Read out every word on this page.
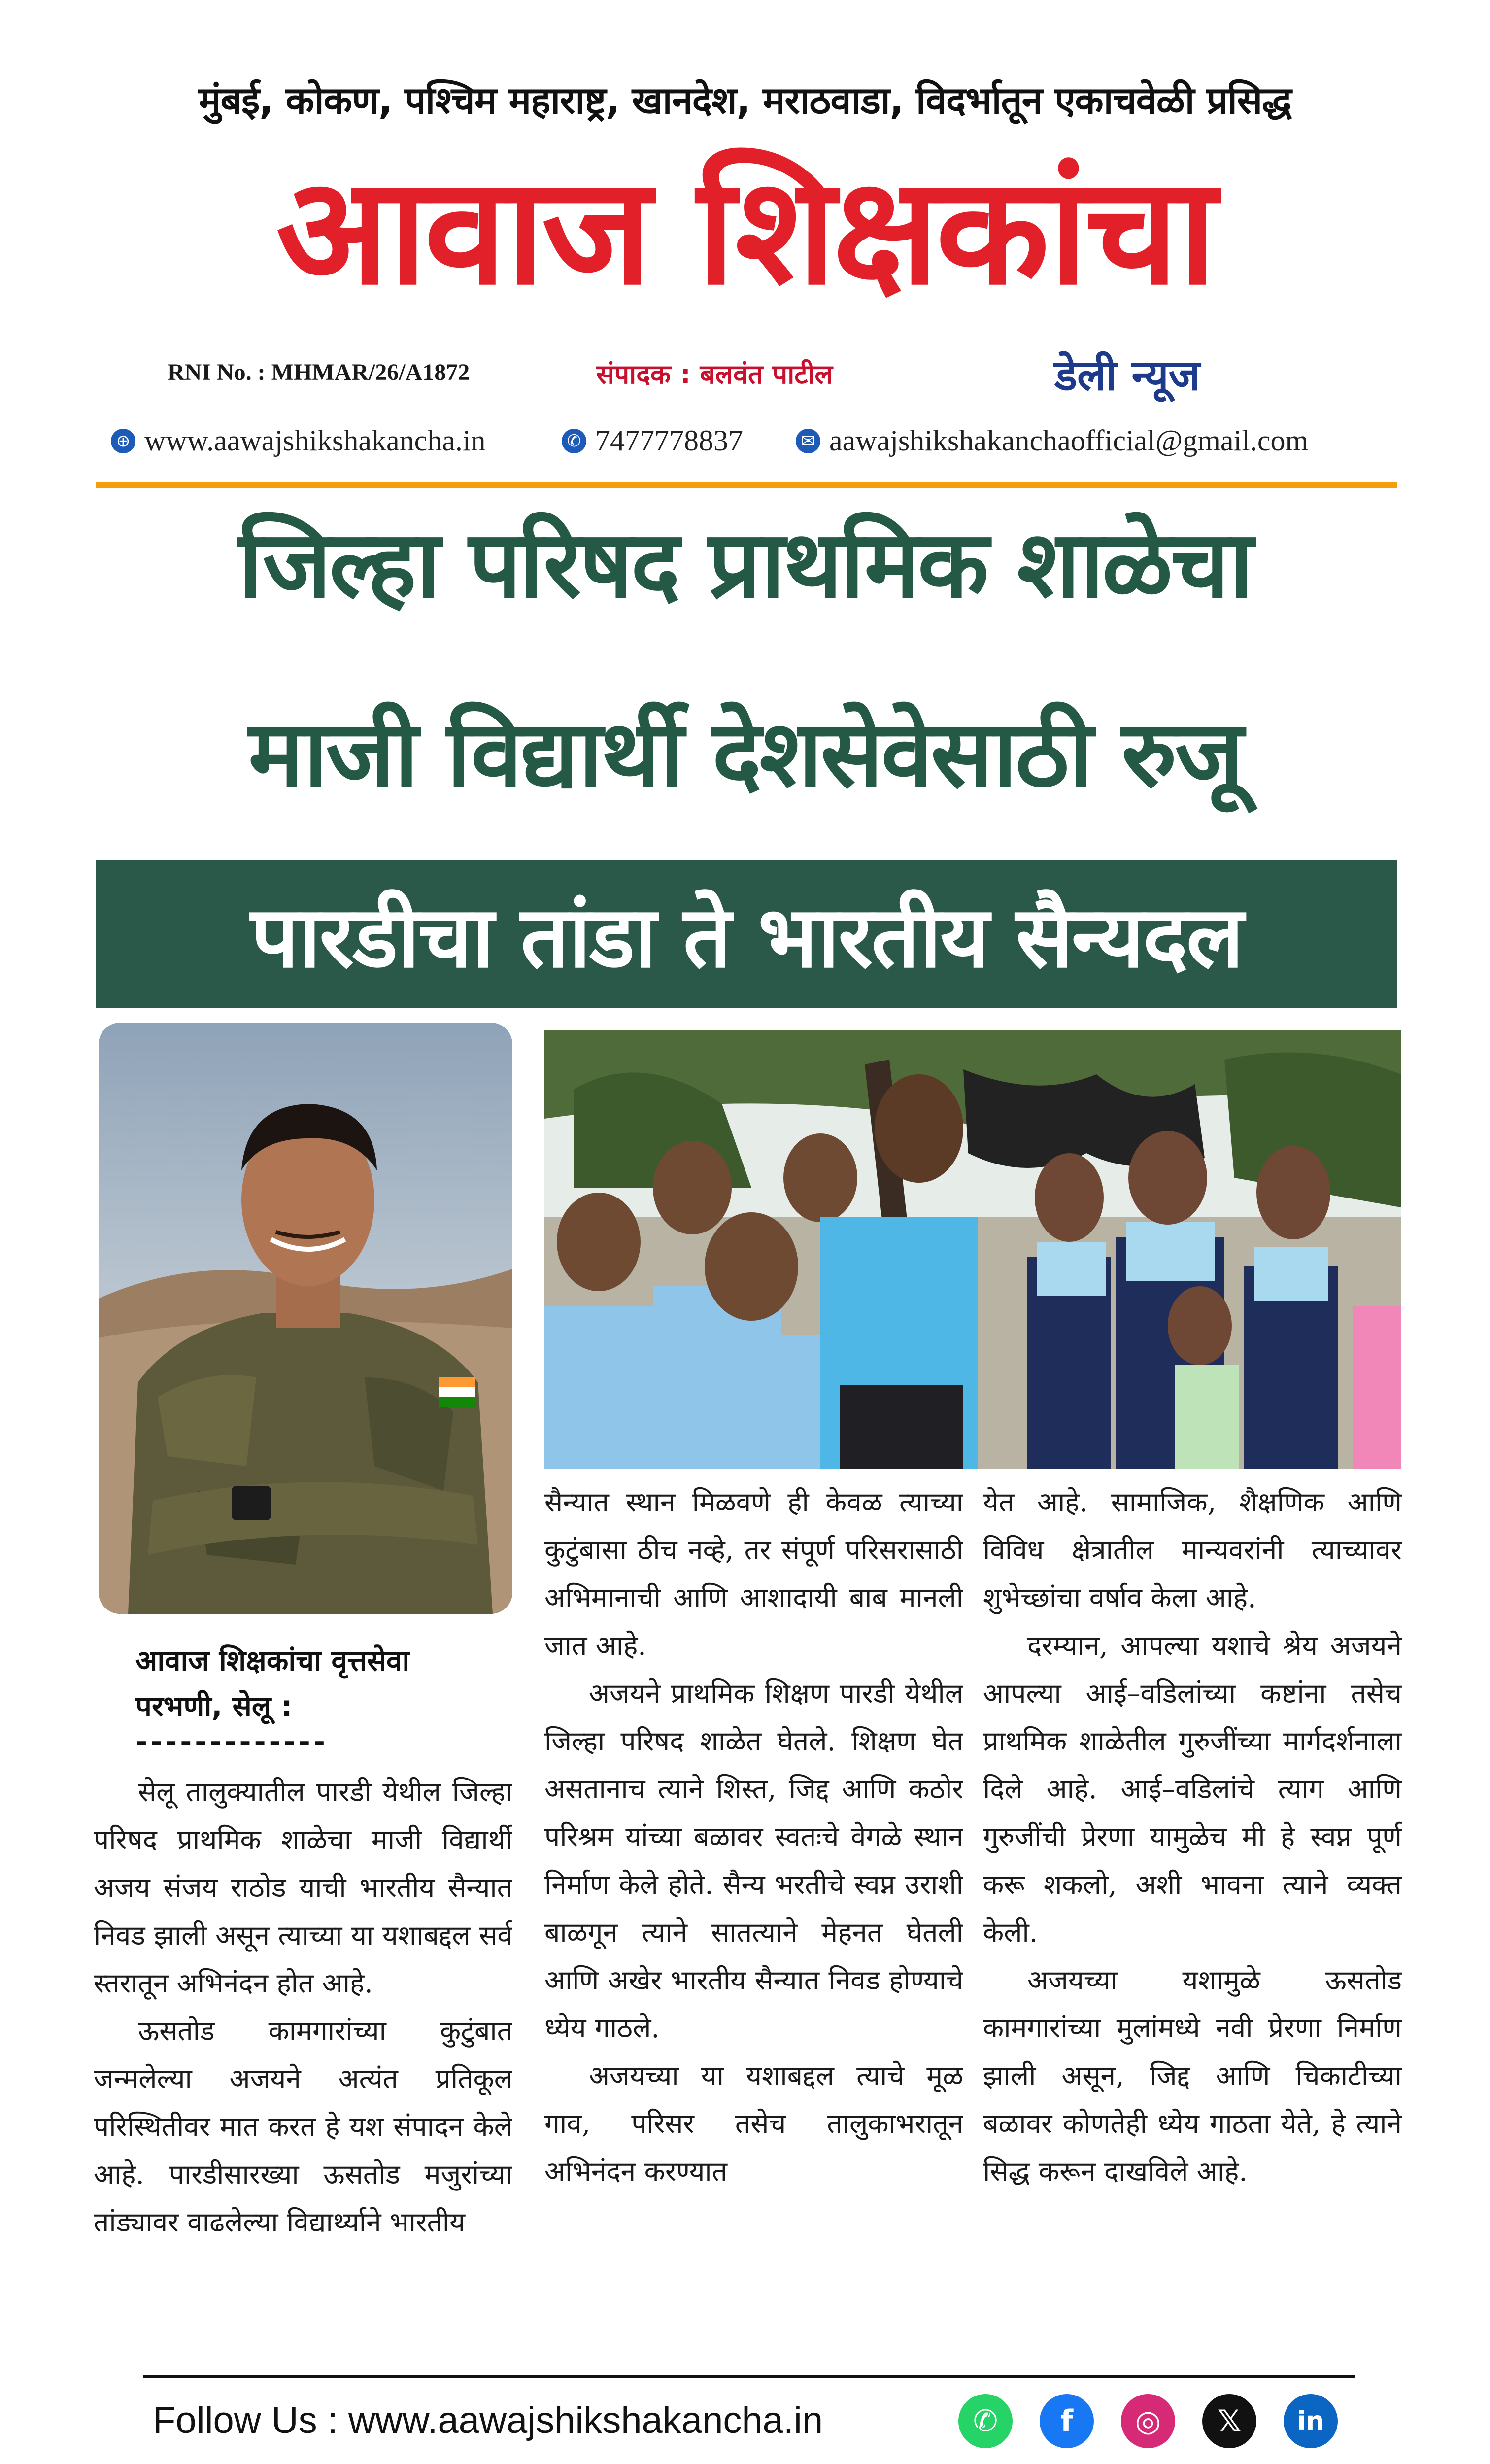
मुंबई, कोकण, पश्चिम महाराष्ट्र, खानदेश, मराठवाडा, विदर्भातून एकाचवेळी प्रसिद्ध
आवाज शिक्षकांचा
RNI No. : MHMAR/26/A1872	संपादक : बलवंत पाटील	डेली न्यूज
⊕ www.aawajshikshakancha.in	✆ 7477778837	✉ aawajshikshakanchaofficial@gmail.com
जिल्हा परिषद प्राथमिक शाळेचा
माजी विद्यार्थी देशसेवेसाठी रुजू
पारडीचा तांडा ते भारतीय सैन्यदल
आवाज शिक्षकांचा वृत्तसेवा
परभणी, सेलू :
-------------

सेलू तालुक्यातील पारडी येथील जिल्हा परिषद प्राथमिक शाळेचा माजी विद्यार्थी अजय संजय राठोड याची भारतीय सैन्यात निवड झाली असून त्याच्या या यशाबद्दल सर्व स्तरातून अभिनंदन होत आहे.

ऊसतोड कामगारांच्या कुटुंबात जन्मलेल्या अजयने अत्यंत प्रतिकूल परिस्थितीवर मात करत हे यश संपादन केले आहे. पारडीसारख्या ऊसतोड मजुरांच्या तांड्यावर वाढलेल्या विद्यार्थ्याने भारतीय

सैन्यात स्थान मिळवणे ही केवळ त्याच्या कुटुंबासा ठीच नव्हे, तर संपूर्ण परिसरासाठी अभिमानाची आणि आशादायी बाब मानली जात आहे.

अजयने प्राथमिक शिक्षण पारडी येथील जिल्हा परिषद शाळेत घेतले. शिक्षण घेत असतानाच त्याने शिस्त, जिद्द आणि कठोर परिश्रम यांच्या बळावर स्वतःचे वेगळे स्थान निर्माण केले होते. सैन्य भरतीचे स्वप्न उराशी बाळगून त्याने सातत्याने मेहनत घेतली आणि अखेर भारतीय सैन्यात निवड होण्याचे ध्येय गाठले.

अजयच्या या यशाबद्दल त्याचे मूळ गाव, परिसर तसेच तालुकाभरातून अभिनंदन करण्यात

येत आहे. सामाजिक, शैक्षणिक आणि विविध क्षेत्रातील मान्यवरांनी त्याच्यावर शुभेच्छांचा वर्षाव केला आहे.

दरम्यान, आपल्या यशाचे श्रेय अजयने आपल्या आई–वडिलांच्या कष्टांना तसेच प्राथमिक शाळेतील गुरुजींच्या मार्गदर्शनाला दिले आहे. आई–वडिलांचे त्याग आणि गुरुजींची प्रेरणा यामुळेच मी हे स्वप्न पूर्ण करू शकलो, अशी भावना त्याने व्यक्त केली.

अजयच्या यशामुळे ऊसतोड कामगारांच्या मुलांमध्ये नवी प्रेरणा निर्माण झाली असून, जिद्द आणि चिकाटीच्या बळावर कोणतेही ध्येय गाठता येते, हे त्याने सिद्ध करून दाखविले आहे.

Follow Us : www.aawajshikshakancha.in	✆	f	◎	𝕏	in
